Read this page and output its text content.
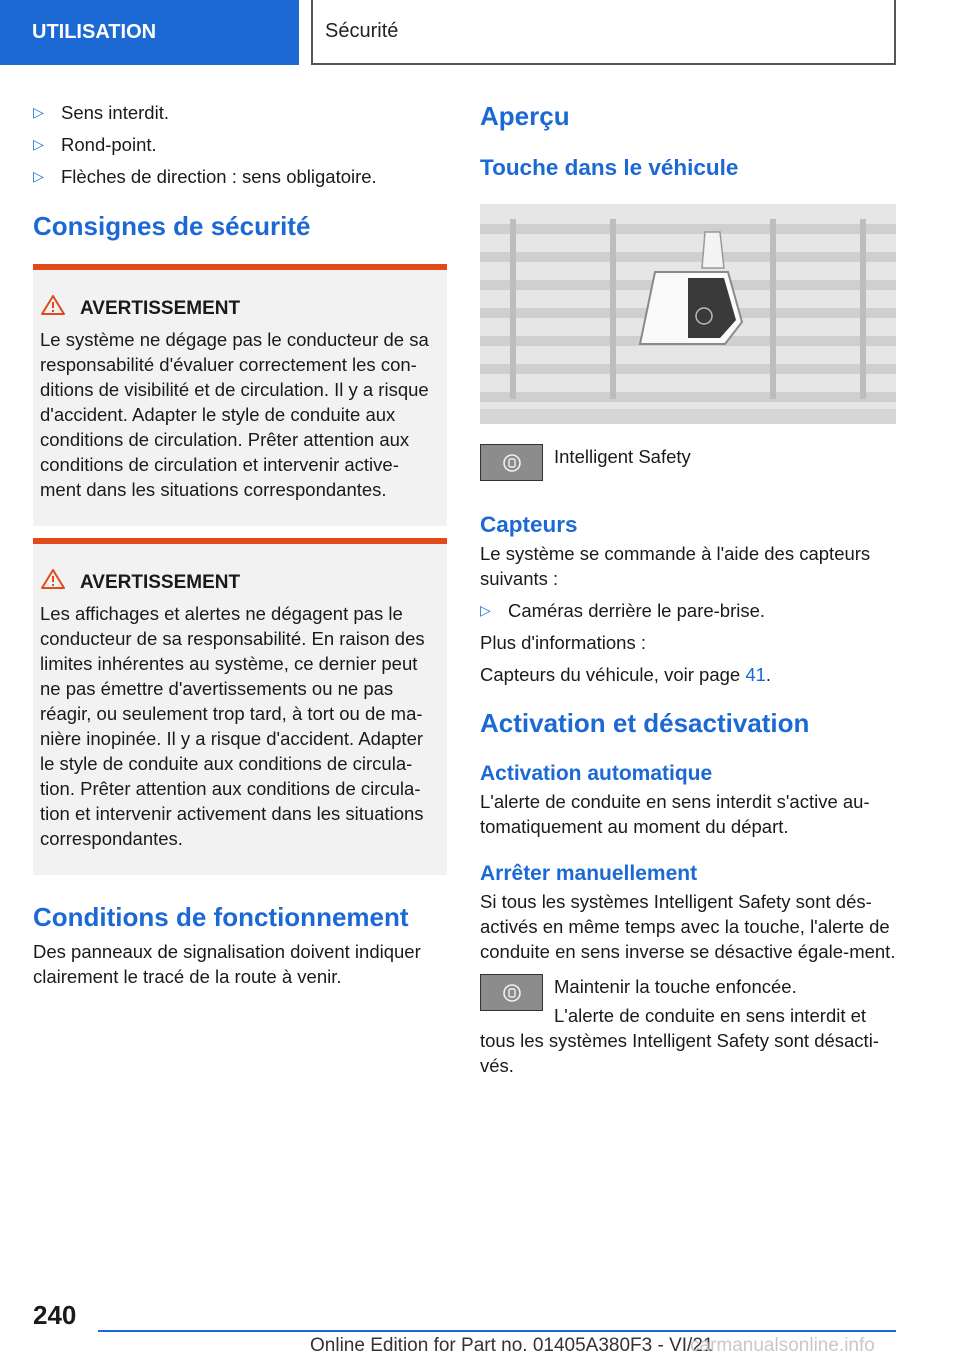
UTILISATION	Sécurité
▷ Sens interdit.
▷ Rond-point.
▷ Flèches de direction : sens obligatoire.
Consignes de sécurité
AVERTISSEMENT

Le système ne dégage pas le conducteur de sa responsabilité d'évaluer correctement les con-ditions de visibilité et de circulation. Il y a risque d'accident. Adapter le style de conduite aux conditions de circulation. Prêter attention aux conditions de circulation et intervenir active-ment dans les situations correspondantes.

AVERTISSEMENT

Les affichages et alertes ne dégagent pas le conducteur de sa responsabilité. En raison des limites inhérentes au système, ce dernier peut ne pas émettre d'avertissements ou ne pas réagir, ou seulement trop tard, à tort ou de ma-nière inopinée. Il y a risque d'accident. Adapter le style de conduite aux conditions de circula-tion. Prêter attention aux conditions de circula-tion et intervenir activement dans les situations correspondantes.

Conditions de fonctionnement

Des panneaux de signalisation doivent indiquer clairement le tracé de la route à venir.

Aperçu
Touche dans le véhicule
Intelligent Safety
Capteurs

Le système se commande à l'aide des capteurs suivants :

▷ Caméras derrière le pare-brise.

Plus d'informations :

Capteurs du véhicule, voir page 41.

Activation et désactivation
Activation automatique

L'alerte de conduite en sens interdit s'active au-tomatiquement au moment du départ.

Arrêter manuellement

Si tous les systèmes Intelligent Safety sont dés-activés en même temps avec la touche, l'alerte de conduite en sens inverse se désactive égale-ment.

Maintenir la touche enfoncée.

L'alerte de conduite en sens interdit et tous les systèmes Intelligent Safety sont désacti-vés.

240
Online Edition for Part no. 01405A380F3 - VI/21
carmanualsonline.info
